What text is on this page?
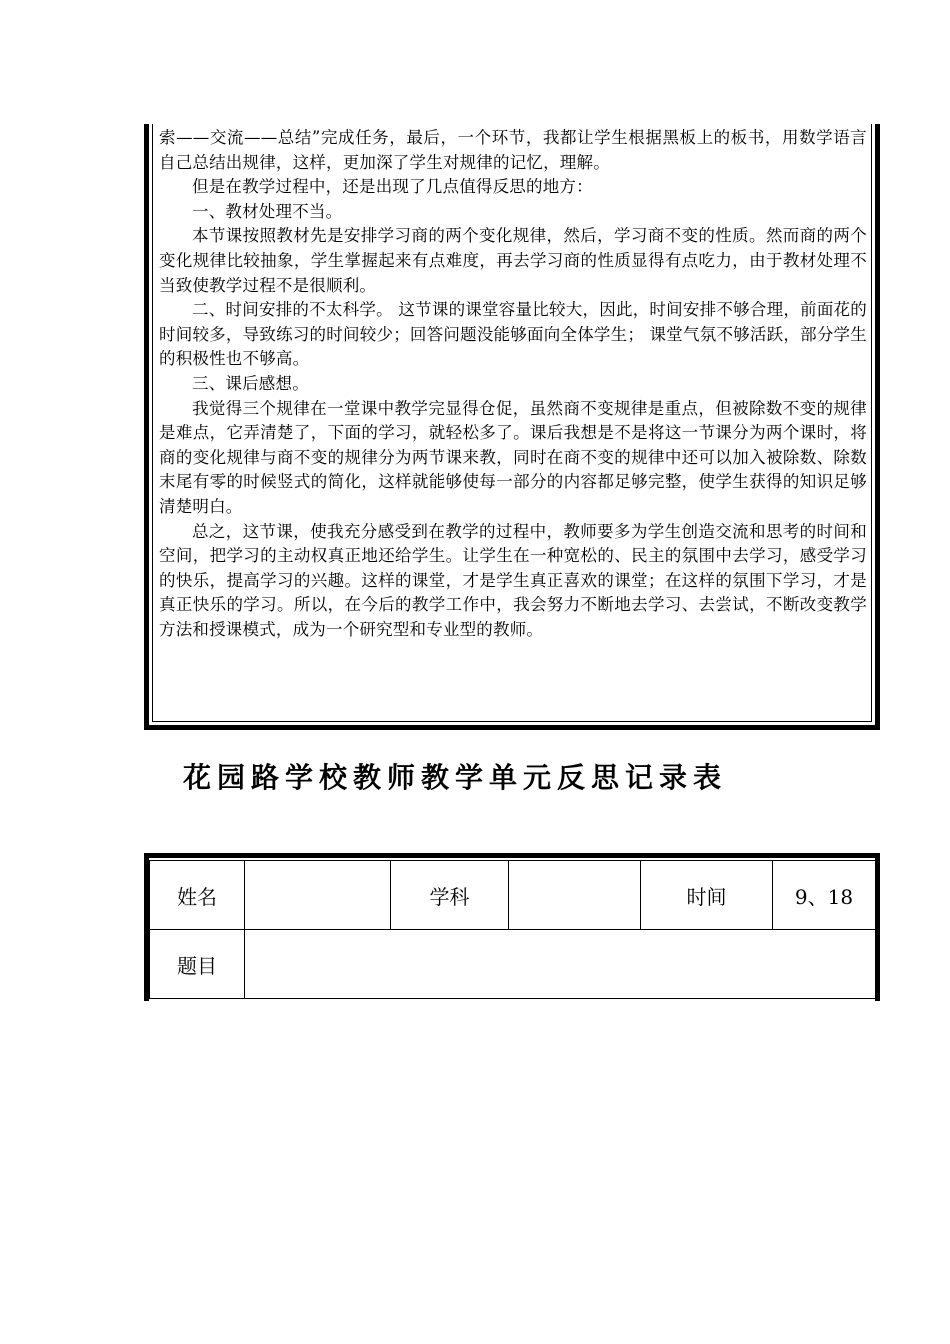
索——交流——总结”完成任务，最后，一个环节，我都让学生根据黑板上的板书，用数学语言自己总结出规律，这样，更加深了学生对规律的记忆，理解。

但是在教学过程中，还是出现了几点值得反思的地方：

一、教材处理不当。

本节课按照教材先是安排学习商的两个变化规律，然后，学习商不变的性质。然而商的两个变化规律比较抽象，学生掌握起来有点难度，再去学习商的性质显得有点吃力，由于教材处理不当致使教学过程不是很顺利。

二、时间安排的不太科学。 这节课的课堂容量比较大，因此，时间安排不够合理，前面花的时间较多，导致练习的时间较少；回答问题没能够面向全体学生； 课堂气氛不够活跃，部分学生的积极性也不够高。

三、课后感想。

我觉得三个规律在一堂课中教学完显得仓促，虽然商不变规律是重点，但被除数不变的规律是难点，它弄清楚了，下面的学习，就轻松多了。课后我想是不是将这一节课分为两个课时，将商的变化规律与商不变的规律分为两节课来教，同时在商不变的规律中还可以加入被除数、除数末尾有零的时候竖式的简化，这样就能够使每一部分的内容都足够完整，使学生获得的知识足够清楚明白。

总之，这节课，使我充分感受到在教学的过程中，教师要多为学生创造交流和思考的时间和空间，把学习的主动权真正地还给学生。让学生在一种宽松的、民主的氛围中去学习，感受学习的快乐，提高学习的兴趣。这样的课堂，才是学生真正喜欢的课堂；在这样的氛围下学习，才是真正快乐的学习。所以，在今后的教学工作中，我会努力不断地去学习、去尝试，不断改变教学方法和授课模式，成为一个研究型和专业型的教师。

花园路学校教师教学单元反思记录表
姓名		学科		时间	9、18
题目					
